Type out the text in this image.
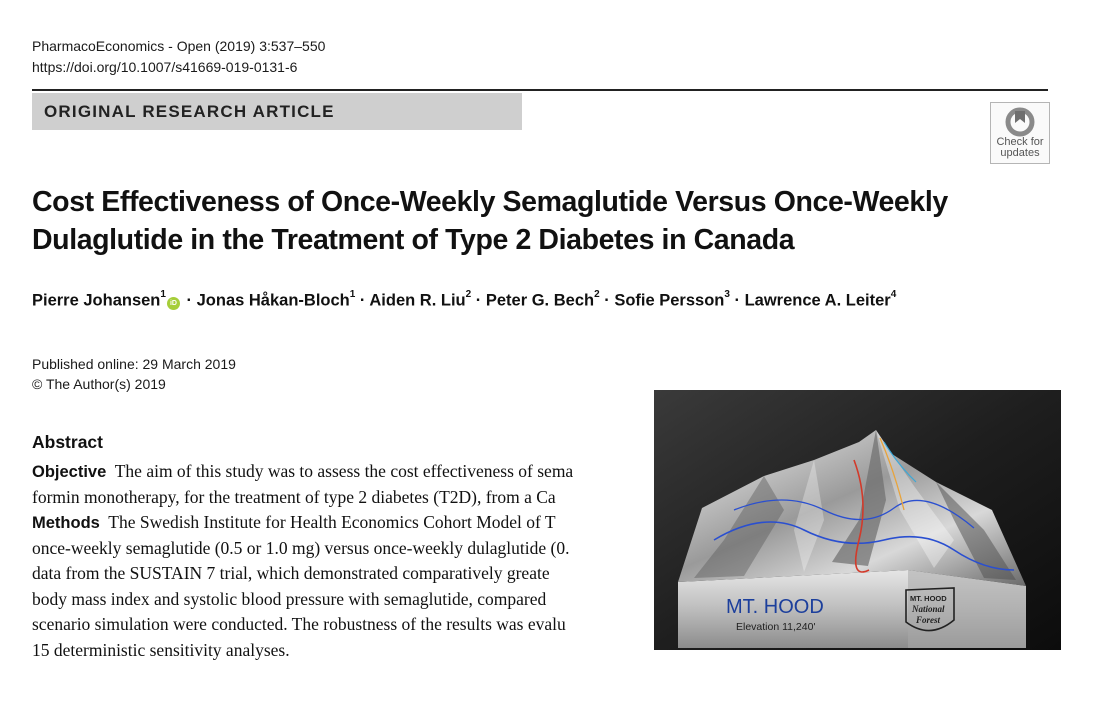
PharmacoEconomics - Open (2019) 3:537–550
https://doi.org/10.1007/s41669-019-0131-6
ORIGINAL RESEARCH ARTICLE
Check for
updates
Cost Effectiveness of Once-Weekly Semaglutide Versus Once-Weekly
Dulaglutide in the Treatment of Type 2 Diabetes in Canada
Pierre Johansen$^1$iD · Jonas Håkan-Bloch$^1$ · Aiden R. Liu$^2$ · Peter G. Bech$^2$ · Sofie Persson$^3$ · Lawrence A. Leiter$^4$
Published online: 29 March 2019
© The Author(s) 2019
Abstract
Objective The aim of this study was to assess the cost effectiveness of sema
formin monotherapy, for the treatment of type 2 diabetes (T2D), from a Ca
Methods The Swedish Institute for Health Economics Cohort Model of T
once-weekly semaglutide (0.5 or 1.0 mg) versus once-weekly dulaglutide (0.
data from the SUSTAIN 7 trial, which demonstrated comparatively greate
body mass index and systolic blood pressure with semaglutide, compared
scenario simulation were conducted. The robustness of the results was evalu
15 deterministic sensitivity analyses.
MT. HOOD
Elevation 11,240'
MT. HOOD
National
Forest
